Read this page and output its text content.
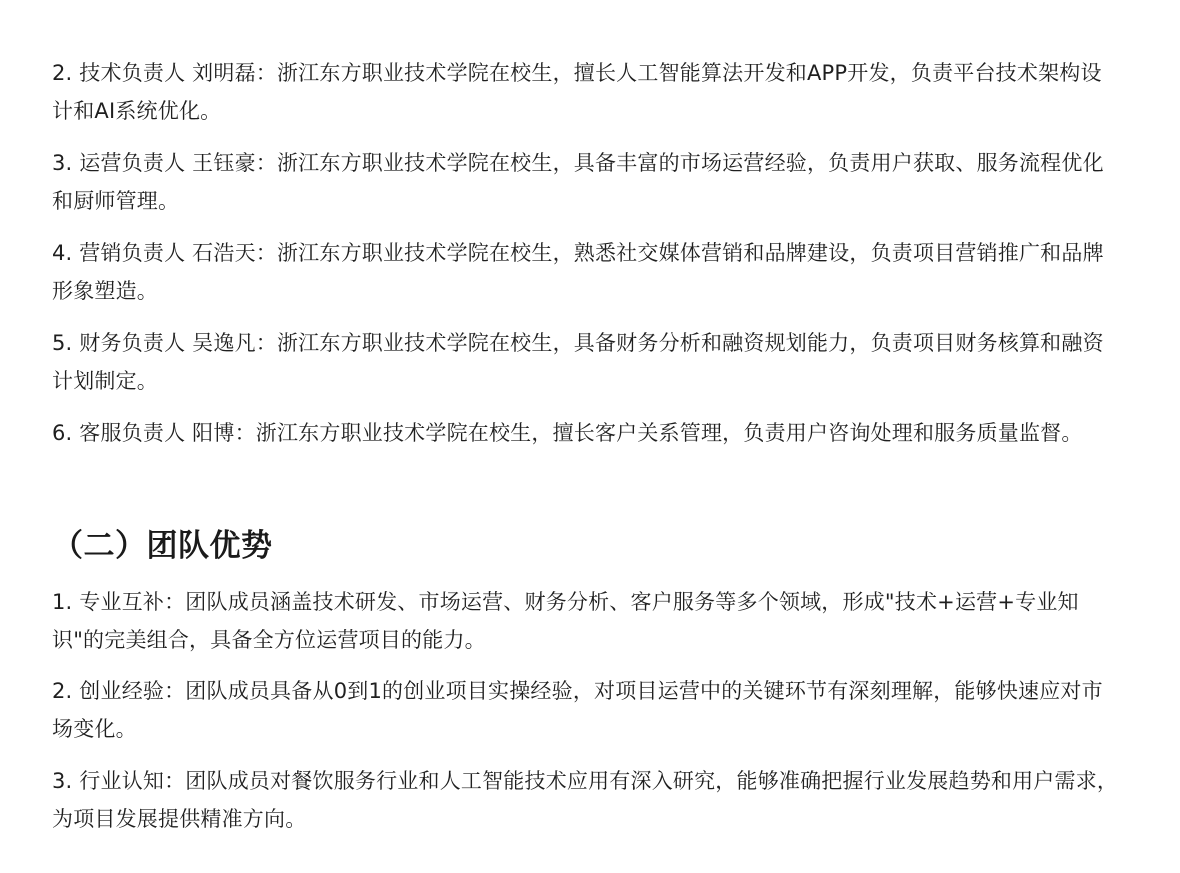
2. 技术负责人 刘明磊：浙江东方职业技术学院在校生，擅长人工智能算法开发和APP开发，负责平台技术架构设计和AI系统优化。

3. 运营负责人 王钰豪：浙江东方职业技术学院在校生，具备丰富的市场运营经验，负责用户获取、服务流程优化和厨师管理。

4. 营销负责人 石浩天：浙江东方职业技术学院在校生，熟悉社交媒体营销和品牌建设，负责项目营销推广和品牌形象塑造。

5. 财务负责人 吴逸凡：浙江东方职业技术学院在校生，具备财务分析和融资规划能力，负责项目财务核算和融资计划制定。

6. 客服负责人 阳博：浙江东方职业技术学院在校生，擅长客户关系管理，负责用户咨询处理和服务质量监督。

（二）团队优势

1. 专业互补：团队成员涵盖技术研发、市场运营、财务分析、客户服务等多个领域，形成"技术+运营+专业知识"的完美组合，具备全方位运营项目的能力。

2. 创业经验：团队成员具备从0到1的创业项目实操经验，对项目运营中的关键环节有深刻理解，能够快速应对市场变化。

3. 行业认知：团队成员对餐饮服务行业和人工智能技术应用有深入研究，能够准确把握行业发展趋势和用户需求，为项目发展提供精准方向。
